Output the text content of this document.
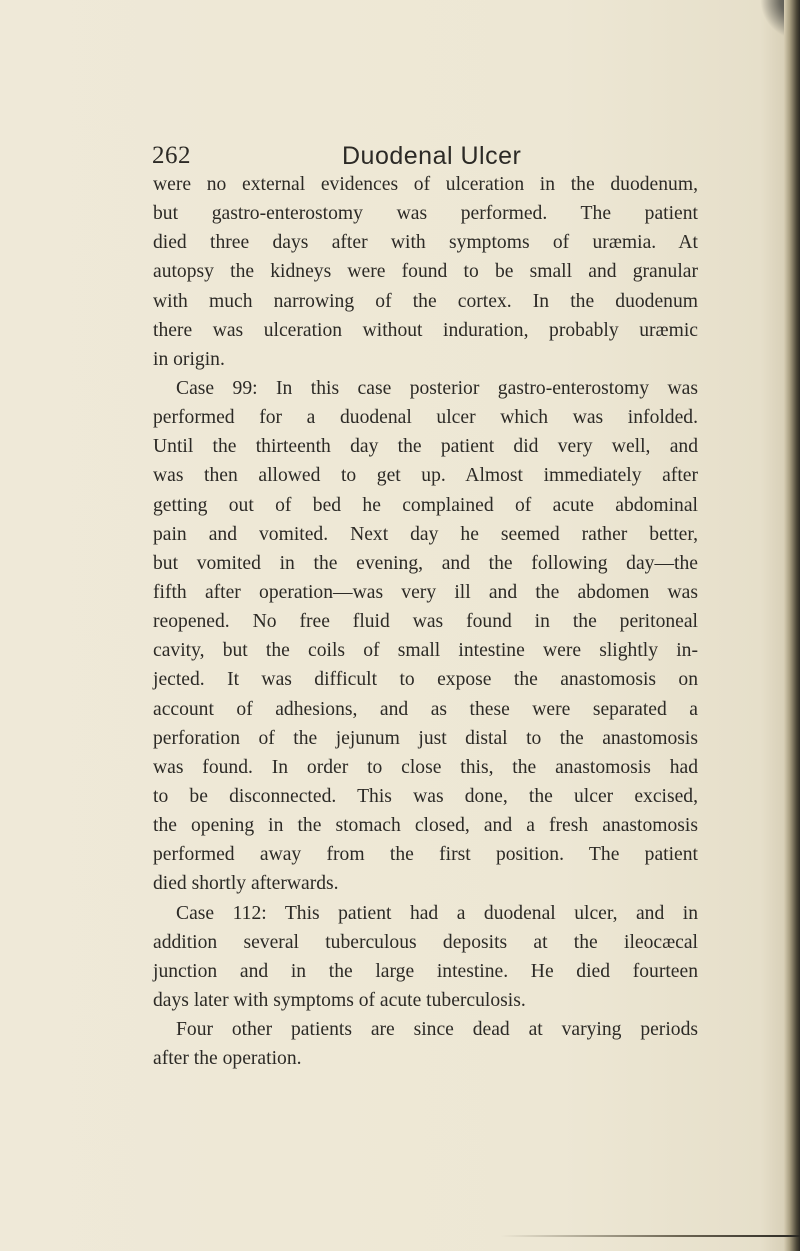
262	Duodenal Ulcer
were no external evidences of ulceration in the duodenum,
but gastro-enterostomy was performed. The patient
died three days after with symptoms of uræmia. At
autopsy the kidneys were found to be small and granular
with much narrowing of the cortex. In the duodenum
there was ulceration without induration, probably uræmic
in origin.
Case 99: In this case posterior gastro-enterostomy was
performed for a duodenal ulcer which was infolded.
Until the thirteenth day the patient did very well, and
was then allowed to get up. Almost immediately after
getting out of bed he complained of acute abdominal
pain and vomited. Next day he seemed rather better,
but vomited in the evening, and the following day—the
fifth after operation—was very ill and the abdomen was
reopened. No free fluid was found in the peritoneal
cavity, but the coils of small intestine were slightly in-
jected. It was difficult to expose the anastomosis on
account of adhesions, and as these were separated a
perforation of the jejunum just distal to the anastomosis
was found. In order to close this, the anastomosis had
to be disconnected. This was done, the ulcer excised,
the opening in the stomach closed, and a fresh anastomosis
performed away from the first position. The patient
died shortly afterwards.
Case 112: This patient had a duodenal ulcer, and in
addition several tuberculous deposits at the ileocæcal
junction and in the large intestine. He died fourteen
days later with symptoms of acute tuberculosis.
Four other patients are since dead at varying periods
after the operation.
